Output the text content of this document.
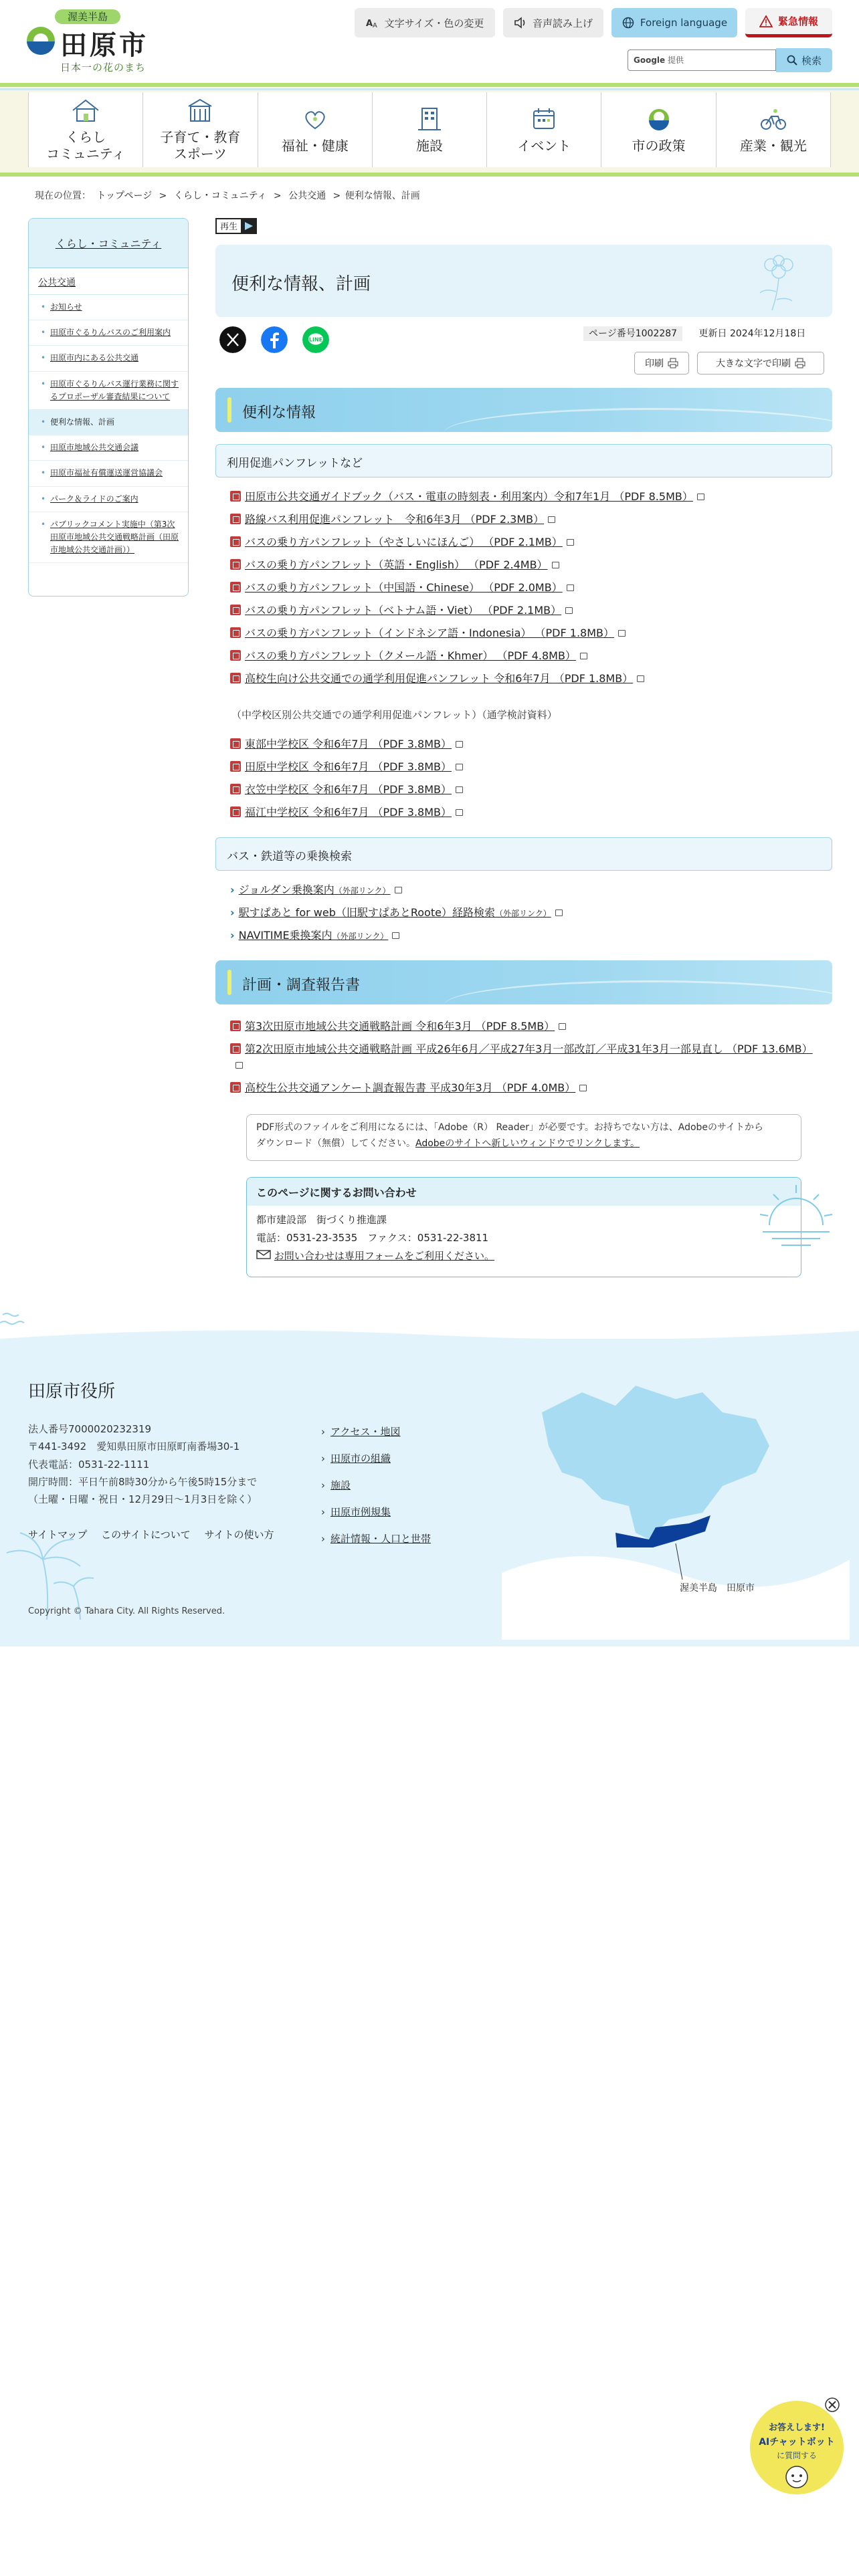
渥美半島
田原市
日本一の花のまち
A A 文字サイズ・色の変更	音声読み上げ	Foreign language	緊急情報
Google 提供	検索
くらし
コミュニティ
子育て・教育
スポーツ
福祉・健康	施設	イベント	市の政策	産業・観光
現在の位置： トップページ > くらし・コミュニティ > 公共交通 > 便利な情報、計画
くらし・コミュニティ
公共交通
• お知らせ
• 田原市ぐるりんバスのご利用案内
• 田原市内にある公共交通
• 田原市ぐるりんバス運行業務に関するプロポーザル審査結果について
• 便利な情報、計画
• 田原市地域公共交通会議
• 田原市福祉有償運送運営協議会
• パーク＆ライドのご案内
• パブリックコメント実施中（第3次田原市地域公共交通戦略計画（田原市地域公共交通計画））
再生
便利な情報、計画
LINE
ページ番号1002287 更新日 2024年12月18日
印刷	大きな文字で印刷
便利な情報
利用促進パンフレットなど
田原市公共交通ガイドブック（バス・電車の時刻表・利用案内）令和7年1月 （PDF 8.5MB）
路線バス利用促進パンフレット　令和6年3月 （PDF 2.3MB）
バスの乗り方パンフレット（やさしいにほんご） （PDF 2.1MB）
バスの乗り方パンフレット（英語・English） （PDF 2.4MB）
バスの乗り方パンフレット（中国語・Chinese） （PDF 2.0MB）
バスの乗り方パンフレット（ベトナム語・Viet） （PDF 2.1MB）
バスの乗り方パンフレット（インドネシア語・Indonesia） （PDF 1.8MB）
バスの乗り方パンフレット（クメール語・Khmer） （PDF 4.8MB）
高校生向け公共交通での通学利用促進パンフレット 令和6年7月 （PDF 1.8MB）
（中学校区別公共交通での通学利用促進パンフレット）（通学検討資料）
東部中学校区 令和6年7月 （PDF 3.8MB）
田原中学校区 令和6年7月 （PDF 3.8MB）
衣笠中学校区 令和6年7月 （PDF 3.8MB）
福江中学校区 令和6年7月 （PDF 3.8MB）
バス・鉄道等の乗換検索
› ジョルダン乗換案内（外部リンク）
› 駅すぱあと for web（旧駅すぱあとRoote）経路検索（外部リンク）
› NAVITIME乗換案内（外部リンク）
計画・調査報告書
第3次田原市地域公共交通戦略計画 令和6年3月 （PDF 8.5MB）
第2次田原市地域公共交通戦略計画 平成26年6月／平成27年3月一部改訂／平成31年3月一部見直し （PDF 13.6MB）
高校生公共交通アンケート調査報告書 平成30年3月 （PDF 4.0MB）
PDF形式のファイルをご利用になるには、「Adobe（R） Reader」が必要です。お持ちでない方は、Adobeのサイトから
ダウンロード（無償）してください。Adobeのサイトへ新しいウィンドウでリンクします。
このページに関するお問い合わせ
都市建設部　街づくり推進課
電話：0531-23-3535　ファクス：0531-22-3811
お問い合わせは専用フォームをご利用ください。
田原市役所
法人番号7000020232319
〒441-3492　愛知県田原市田原町南番場30-1
代表電話：0531-22-1111
開庁時間：平日午前8時30分から午後5時15分まで
（土曜・日曜・祝日・12月29日～1月3日を除く）
サイトマップ このサイトについて サイトの使い方
› アクセス・地図
› 田原市の組織
› 施設
› 田原市例規集
› 統計情報・人口と世帯
Copyright © Tahara City. All Rights Reserved.
渥美半島　田原市
お答えします!
AIチャットボット
に質問する
